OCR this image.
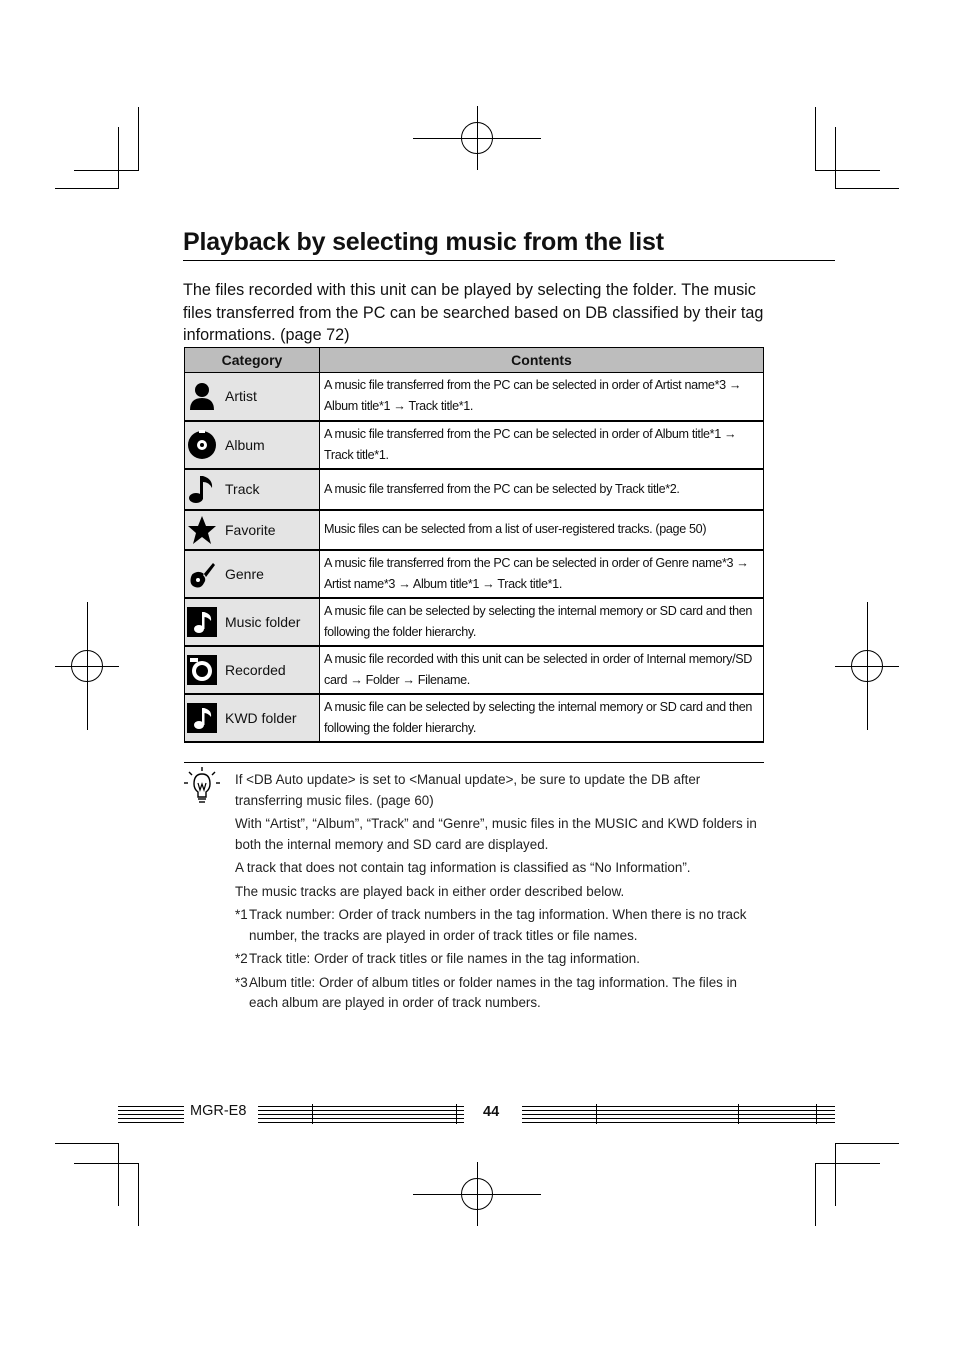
Playback by selecting music from the list

The files recorded with this unit can be played by selecting the folder. The music files transferred from the PC can be searched based on DB classified by their tag informations. (page 72)

Category	Contents

Artist	A music file transferred from the PC can be selected in order of Artist name*3 → Album title*1 → Track title*1.

Album	A music file transferred from the PC can be selected in order of Album title*1 → Track title*1.

Track	A music file transferred from the PC can be selected by Track title*2.

Favorite	Music files can be selected from a list of user-registered tracks. (page 50)

Genre	A music file transferred from the PC can be selected in order of Genre name*3 → Artist name*3 → Album title*1 → Track title*1.

Music folder	A music file can be selected by selecting the internal memory or SD card and then following the folder hierarchy.

Recorded	A music file recorded with this unit can be selected in order of Internal memory/SD card → Folder → Filename.

KWD folder	A music file can be selected by selecting the internal memory or SD card and then following the folder hierarchy.

If <DB Auto update> is set to <Manual update>, be sure to update the DB after transferring music files. (page 60)

With “Artist”, “Album”, “Track” and “Genre”, music files in the MUSIC and KWD folders in both the internal memory and SD card are displayed.

A track that does not contain tag information is classified as “No Information”.

The music tracks are played back in either order described below.

*1 Track number: Order of track numbers in the tag information. When there is no track number, the tracks are played in order of track titles or file names.

*2 Track title: Order of track titles or file names in the tag information.

*3 Album title: Order of album titles or folder names in the tag information. The files in each album are played in order of track numbers.

MGR-E8	44
